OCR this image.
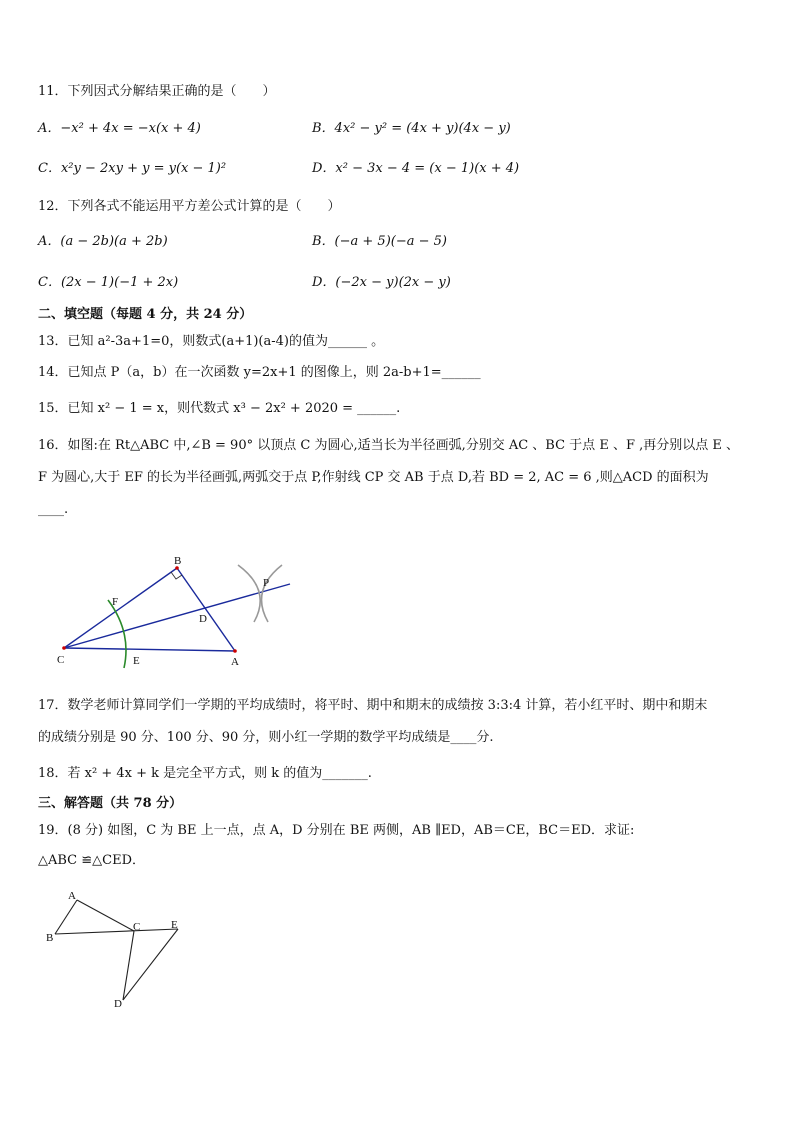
11．下列因式分解结果正确的是（　　）
A．−x² + 4x = −x(x + 4)	B．4x² − y² = (4x + y)(4x − y)
C．x²y − 2xy + y = y(x − 1)²	D．x² − 3x − 4 = (x − 1)(x + 4)
12．下列各式不能运用平方差公式计算的是（　　）
A．(a − 2b)(a + 2b)	B．(−a + 5)(−a − 5)
C．(2x − 1)(−1 + 2x)	D．(−2x − y)(2x − y)
二、填空题（每题 4 分，共 24 分）
13．已知 a²-3a+1=0，则数式(a+1)(a-4)的值为______ 。
14．已知点 P（a，b）在一次函数 y=2x+1 的图像上，则 2a-b+1=______
15．已知 x² − 1 = x，则代数式 x³ − 2x² + 2020 = ______.
16．如图:在 Rt△ABC 中,∠B = 90° 以顶点 C 为圆心,适当长为半径画弧,分别交 AC 、BC 于点 E 、F ,再分别以点 E 、
F 为圆心,大于 EF 的长为半径画弧,两弧交于点 P,作射线 CP 交 AB 于点 D,若 BD = 2, AC = 6 ,则△ACD 的面积为
____.
B
F
P
D
C	E	A
17．数学老师计算同学们一学期的平均成绩时，将平时、期中和期末的成绩按 3:3:4 计算，若小红平时、期中和期末
的成绩分别是 90 分、100 分、90 分，则小红一学期的数学平均成绩是____分.
18．若 x² + 4x + k 是完全平方式，则 k 的值为_______.
三、解答题（共 78 分）
19．(8 分) 如图，C 为 BE 上一点，点 A，D 分别在 BE 两侧，AB ∥ED，AB＝CE，BC＝ED．求证:
△ABC ≌△CED．
A
B
C	E
D
